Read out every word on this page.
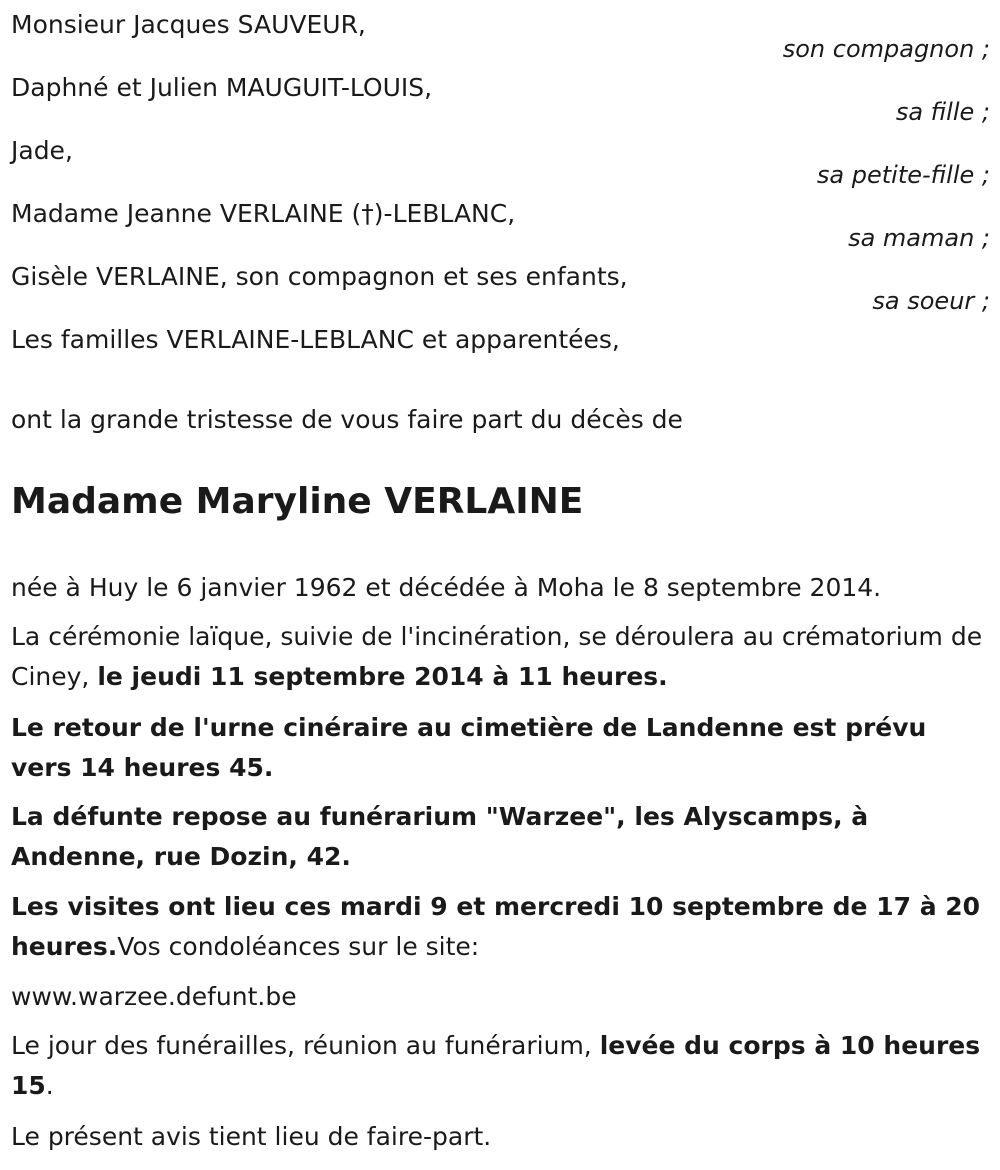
Monsieur Jacques SAUVEUR,
son compagnon ;
Daphné et Julien MAUGUIT-LOUIS,
sa fille ;
Jade,
sa petite-fille ;
Madame Jeanne VERLAINE (†)-LEBLANC,
sa maman ;
Gisèle VERLAINE, son compagnon et ses enfants,
sa soeur ;
Les familles VERLAINE-LEBLANC et apparentées,
ont la grande tristesse de vous faire part du décès de
Madame Maryline VERLAINE
née à Huy le 6 janvier 1962 et décédée à Moha le 8 septembre 2014.
La cérémonie laïque, suivie de l'incinération, se déroulera au crématorium de Ciney, le jeudi 11 septembre 2014 à 11 heures.
Le retour de l'urne cinéraire au cimetière de Landenne est prévu vers 14 heures 45.
La défunte repose au funérarium "Warzee", les Alyscamps, à Andenne, rue Dozin, 42.
Les visites ont lieu ces mardi 9 et mercredi 10 septembre de 17 à 20 heures.Vos condoléances sur le site:
www.warzee.defunt.be
Le jour des funérailles, réunion au funérarium, levée du corps à 10 heures 15.
Le présent avis tient lieu de faire-part.
